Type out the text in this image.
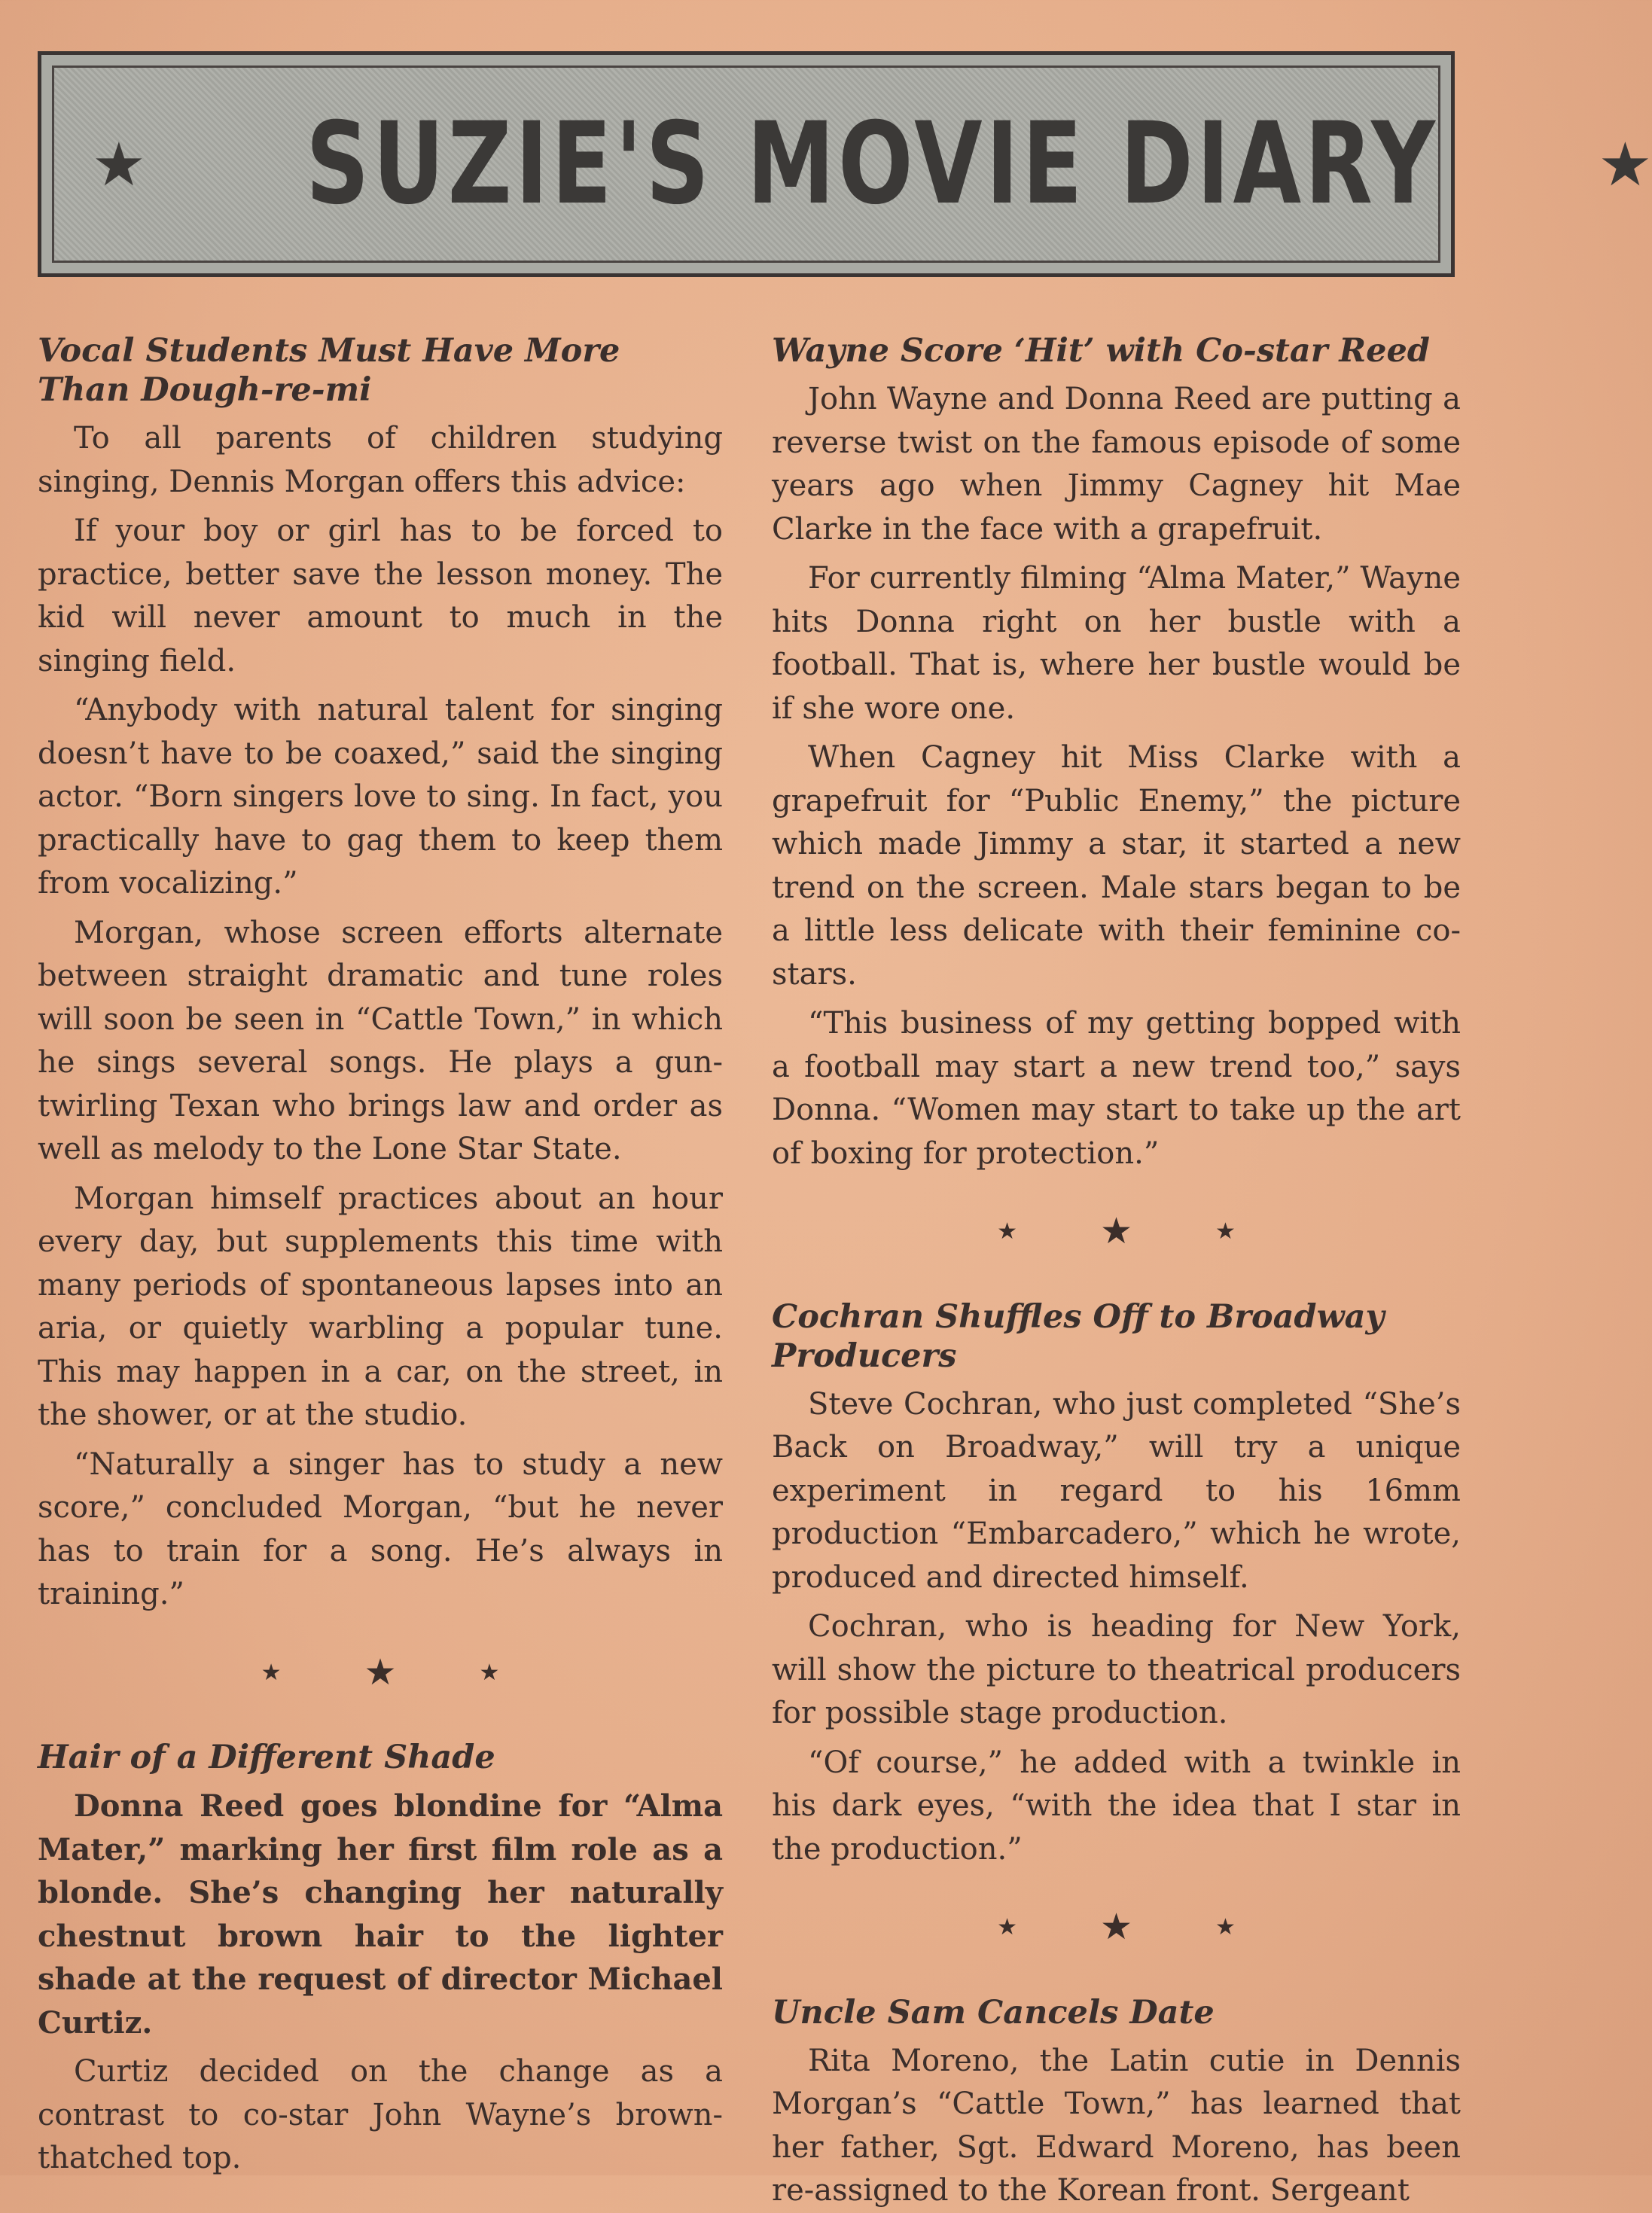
★ SUZIE'S MOVIE DIARY	★
Vocal Students Must Have More
Than Dough-re-mi

To all parents of children studying singing, Dennis Morgan offers this advice:

If your boy or girl has to be forced to practice, better save the lesson money. The kid will never amount to much in the singing field.

“Anybody with natural talent for singing doesn’t have to be coaxed,” said the singing actor. “Born singers love to sing. In fact, you practically have to gag them to keep them from vocalizing.”

Morgan, whose screen efforts alternate between straight dramatic and tune roles will soon be seen in “Cattle Town,” in which he sings several songs. He plays a gun-twirling Texan who brings law and order as well as melody to the Lone Star State.

Morgan himself practices about an hour every day, but supplements this time with many periods of spontaneous lapses into an aria, or quietly warbling a popular tune. This may happen in a car, on the street, in the shower, or at the studio.

“Naturally a singer has to study a new score,” concluded Morgan, “but he never has to train for a song. He’s always in training.”

★ ★	★
Hair of a Different Shade

Donna Reed goes blondine for “Alma Mater,” marking her first film role as a blonde. She’s changing her naturally chestnut brown hair to the lighter shade at the request of director Michael Curtiz.

Curtiz decided on the change as a contrast to co-star John Wayne’s brown-thatched top.

Wayne Score ‘Hit’ with Co-star Reed

John Wayne and Donna Reed are putting a reverse twist on the famous episode of some years ago when Jimmy Cagney hit Mae Clarke in the face with a grapefruit.

For currently filming “Alma Mater,” Wayne hits Donna right on her bustle with a football. That is, where her bustle would be if she wore one.

When Cagney hit Miss Clarke with a grapefruit for “Public Enemy,” the picture which made Jimmy a star, it started a new trend on the screen. Male stars began to be a little less delicate with their feminine co-stars.

“This business of my getting bopped with a football may start a new trend too,” says Donna. “Women may start to take up the art of boxing for protection.”

★ ★	★
Cochran Shuffles Off to Broadway Producers

Steve Cochran, who just completed “She’s Back on Broadway,” will try a unique experiment in regard to his 16mm production “Embarcadero,” which he wrote, produced and directed himself.

Cochran, who is heading for New York, will show the picture to theatrical producers for possible stage production.

“Of course,” he added with a twinkle in his dark eyes, “with the idea that I star in the production.”

★ ★	★
Uncle Sam Cancels Date

Rita Moreno, the Latin cutie in Dennis Morgan’s “Cattle Town,” has learned that her father, Sgt. Edward Moreno, has been re-assigned to the Korean front. Sergeant
